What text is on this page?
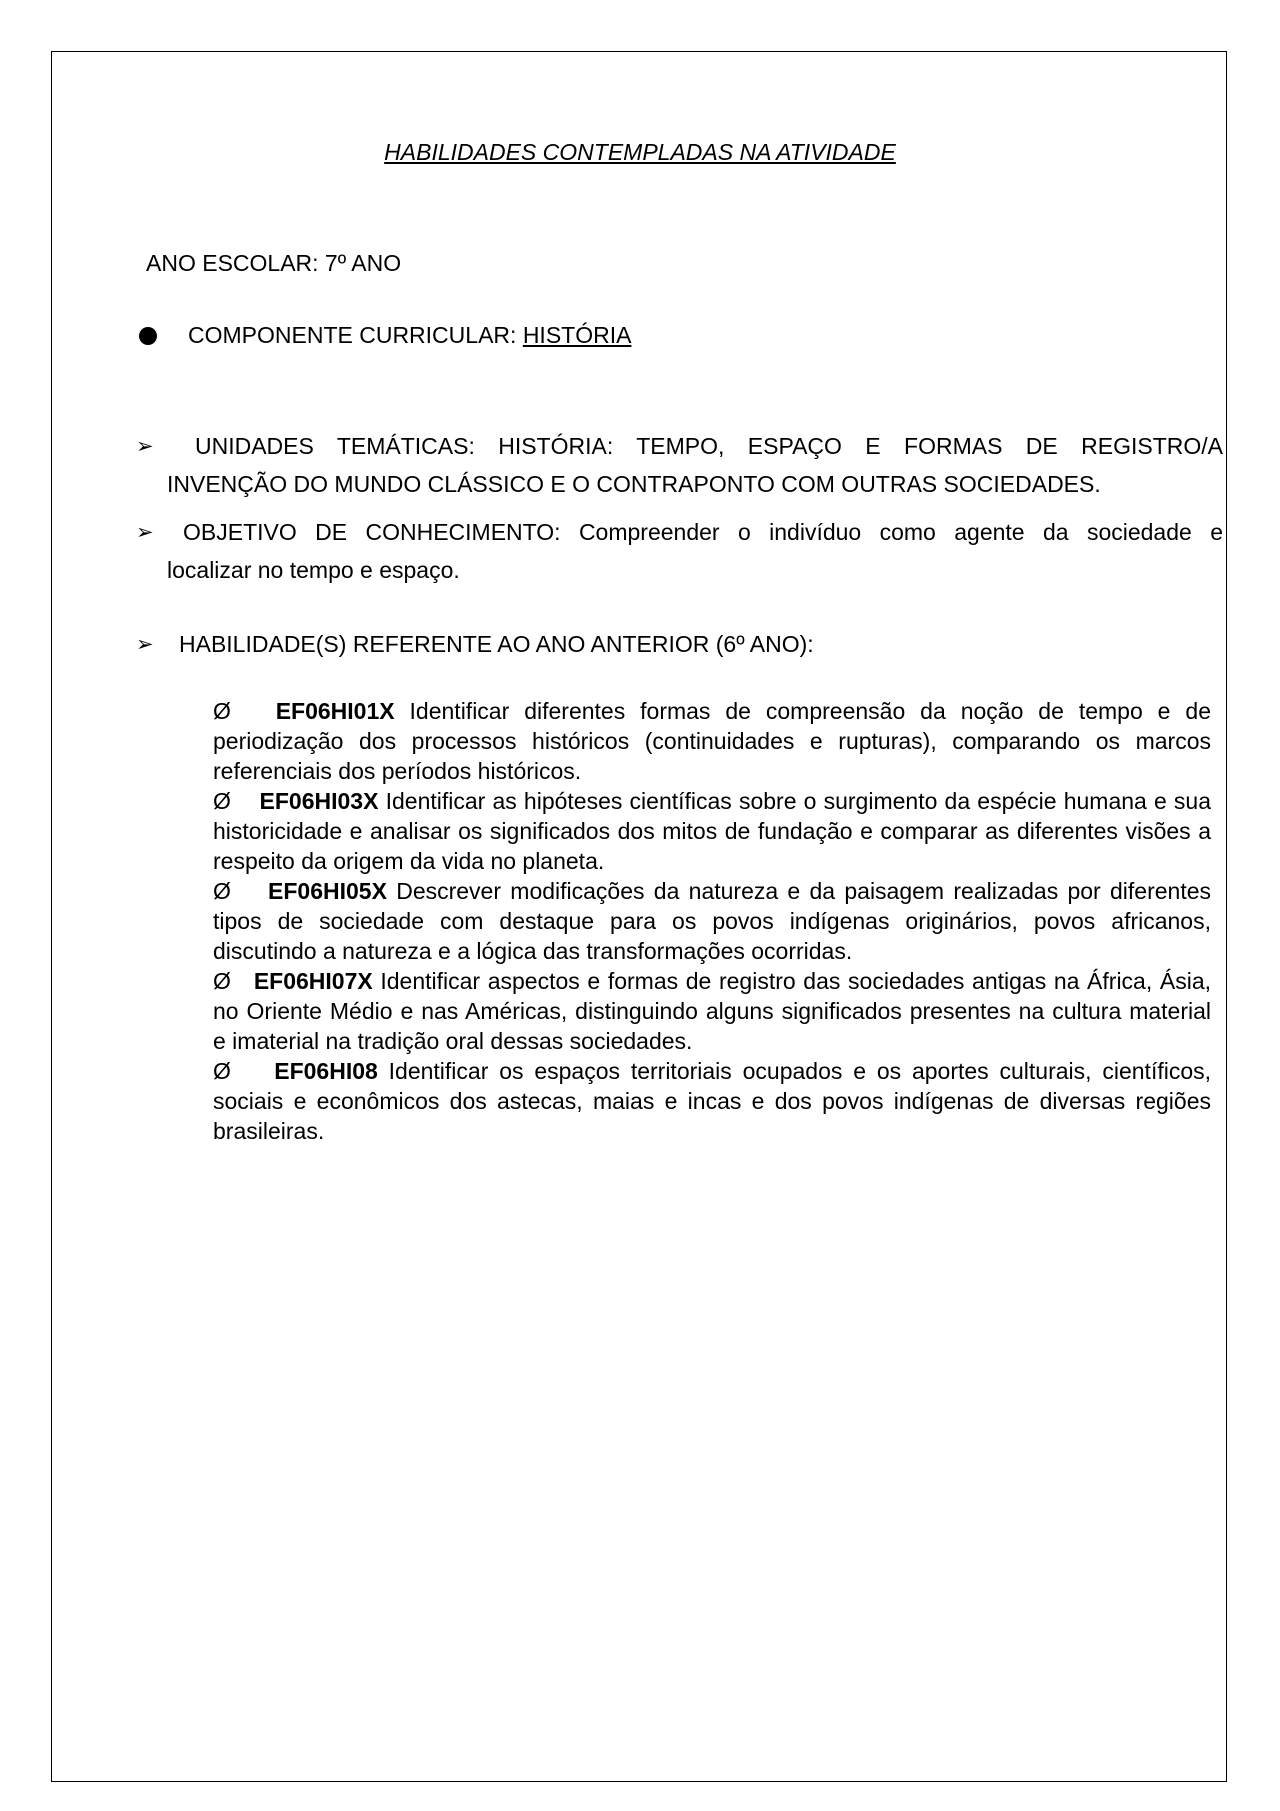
HABILIDADES CONTEMPLADAS NA ATIVIDADE
ANO ESCOLAR: 7º ANO
COMPONENTE CURRICULAR: HISTÓRIA
➢ UNIDADES TEMÁTICAS: HISTÓRIA: TEMPO, ESPAÇO E FORMAS DE REGISTRO/A
INVENÇÃO DO MUNDO CLÁSSICO E O CONTRAPONTO COM OUTRAS SOCIEDADES.
➢ OBJETIVO DE CONHECIMENTO: Compreender o indivíduo como agente da sociedade e
localizar no tempo e espaço.
➢ HABILIDADE(S) REFERENTE AO ANO ANTERIOR (6º ANO):

Ø EF06HI01X Identificar diferentes formas de compreensão da noção de tempo e de periodização dos processos históricos (continuidades e rupturas), comparando os marcos referenciais dos períodos históricos.

Ø EF06HI03X Identificar as hipóteses científicas sobre o surgimento da espécie humana e sua historicidade e analisar os significados dos mitos de fundação e comparar as diferentes visões a respeito da origem da vida no planeta.

Ø EF06HI05X Descrever modificações da natureza e da paisagem realizadas por diferentes tipos de sociedade com destaque para os povos indígenas originários, povos africanos, discutindo a natureza e a lógica das transformações ocorridas.

Ø EF06HI07X Identificar aspectos e formas de registro das sociedades antigas na África, Ásia, no Oriente Médio e nas Américas, distinguindo alguns significados presentes na cultura material e imaterial na tradição oral dessas sociedades.

Ø EF06HI08 Identificar os espaços territoriais ocupados e os aportes culturais, científicos, sociais e econômicos dos astecas, maias e incas e dos povos indígenas de diversas regiões brasileiras.
